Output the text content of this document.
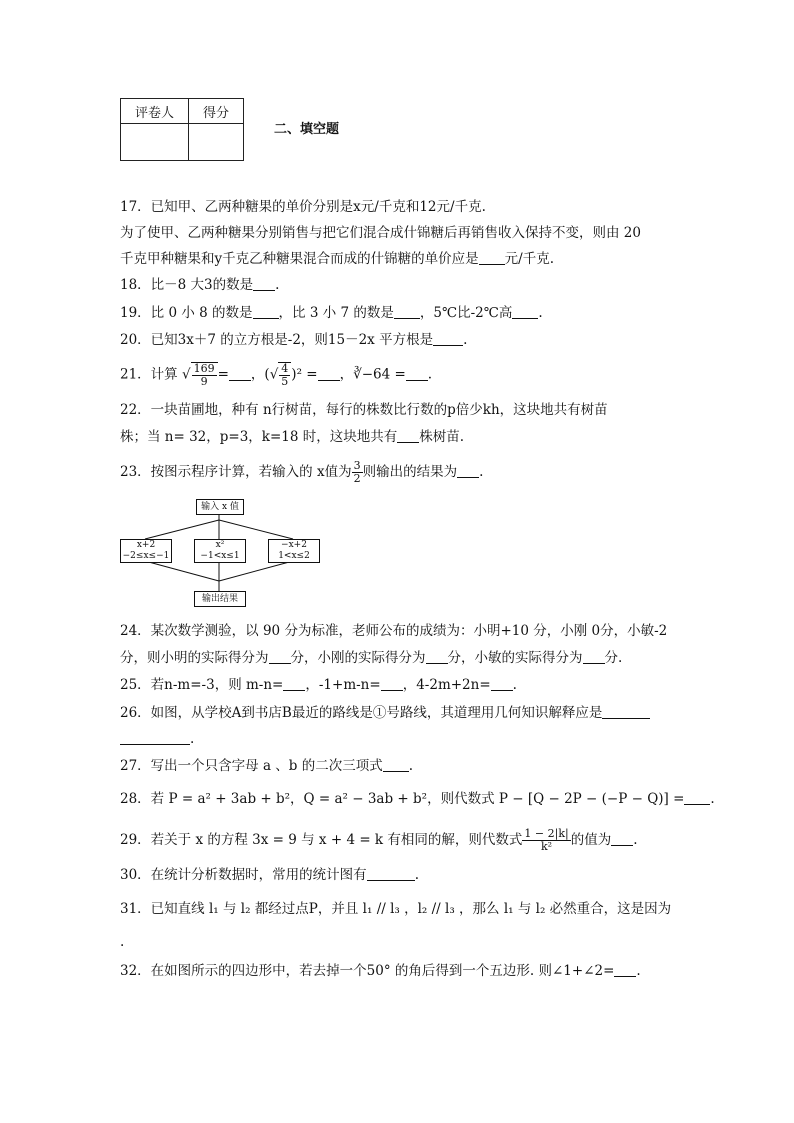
评卷人	得分

二、填空题
17．已知甲、乙两种糖果的单价分别是x元/千克和12元/千克.
为了使甲、乙两种糖果分别销售与把它们混合成什锦糖后再销售收入保持不变，则由 20
千克甲种糖果和y千克乙种糖果混合而成的什锦糖的单价应是 元/千克.
18．比－8 大3的数是 .
19．比 0 小 8 的数是 ，比 3 小 7 的数是 ，5℃比-2℃高 .
20．已知3x＋7 的立方根是-2，则15－2x 平方根是 .
21．计算 √ $\frac{169}{9}$ = ，(√ $\frac{4}{5} )^2$ = ，∛−64 = .
22．一块苗圃地，种有 n行树苗，每行的株数比行数的p倍少kh，这块地共有树苗
株；当 n= 32，p=3，k=18 时，这块地共有 株树苗.
23．按图示程序计算，若输入的 x值为 $\frac{3}{2}$ 则输出的结果为 .
输入 x 值
x+2
−2≤x≤−1
x²
−1<x≤1
−x+2
1<x≤2
输出结果
24．某次数学测验，以 90 分为标准，老师公布的成绩为：小明+10 分，小刚 0分，小敏-2
分，则小明的实际得分为 分，小刚的实际得分为 分，小敏的实际得分为 分.
25．若n-m=-3，则 m-n= ，-1+m-n= ，4-2m+2n= .
26．如图，从学校A到书店B最近的路线是①号路线，其道理用几何知识解释应是
.
27．写出一个只含字母 a 、b 的二次三项式 .
28．若 P = a² + 3ab + b²，Q = a² − 3ab + b²，则代数式 P − [Q − 2P − (−P − Q)] = .
29．若关于 x 的方程 3x = 9 与 x + 4 = k 有相同的解，则代数式 $\frac{1 - 2|k|}{\text{k²}}$ 的值为 .
30．在统计分析数据时，常用的统计图有	.
31．已知直线 l₁ 与 l₂ 都经过点P，并且 l₁ // l₃ ，l₂ // l₃ ，那么 l₁ 与 l₂ 必然重合，这是因为
.
32．在如图所示的四边形中，若去掉一个50° 的角后得到一个五边形. 则∠1+∠2= .
